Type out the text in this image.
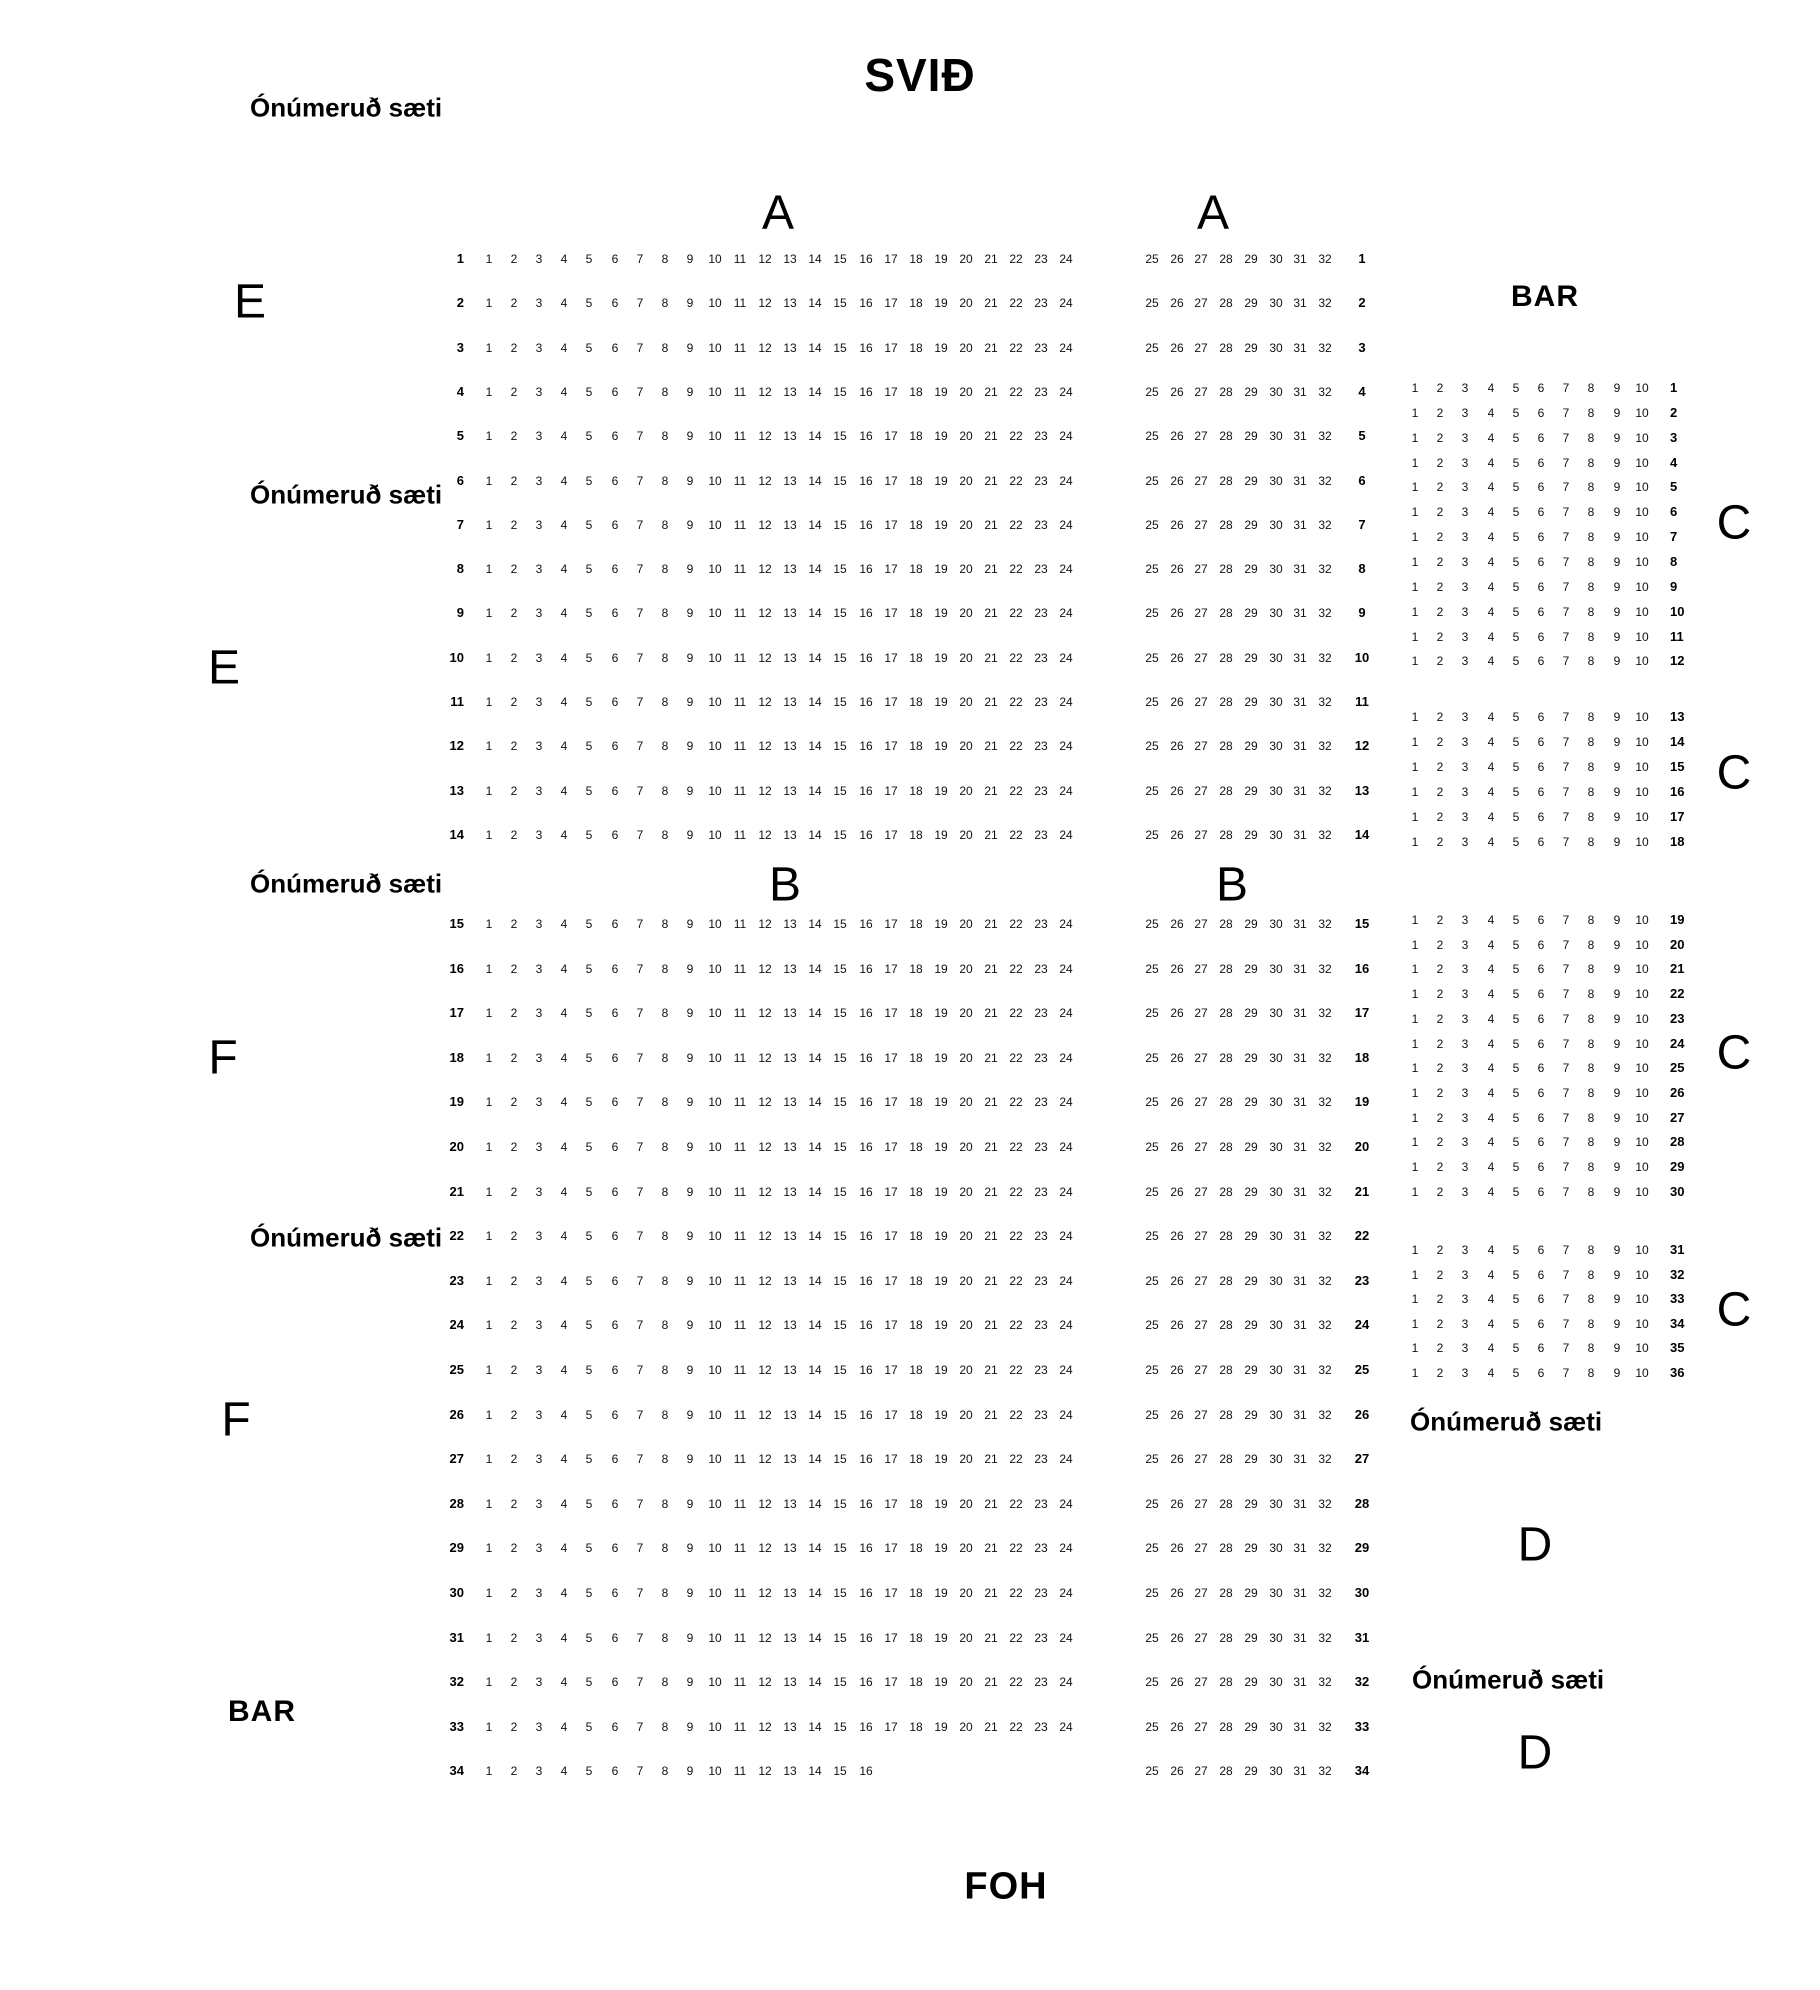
SVIÐ
FOH
BAR
BAR
A	A
B	B
C
C
C
C
D
D
E
E
F
F
Ónúmeruð sæti
Ónúmeruð sæti
Ónúmeruð sæti
Ónúmeruð sæti
Ónúmeruð sæti
Ónúmeruð sæti
1	1	2	3	4	5	6	7	8	9	10	11	12 13 14 15	16 17 18 19 20 21 22 23 24	25 26 27 28 29 30 31 32	1
2	1	2	3	4	5	6	7	8	9	10	11	12 13 14 15	16 17 18 19 20 21 22 23 24	25 26 27 28 29 30 31 32	2
3	1	2	3	4	5	6	7	8	9	10	11	12 13 14 15	16 17 18 19 20 21 22 23 24	25 26 27 28 29 30 31 32	3
4	1	2	3	4	5	6	7	8	9	10	11	12 13 14 15	16 17 18 19 20 21 22 23 24	25 26 27 28 29 30 31 32	4
5	1	2	3	4	5	6	7	8	9	10	11	12 13 14 15	16 17 18 19 20 21 22 23 24	25 26 27 28 29 30 31 32	5
6	1	2	3	4	5	6	7	8	9	10	11	12 13 14 15	16 17 18 19 20 21 22 23 24	25 26 27 28 29 30 31 32	6
7	1	2	3	4	5	6	7	8	9	10	11	12 13 14 15	16 17 18 19 20 21 22 23 24	25 26 27 28 29 30 31 32	7
8	1	2	3	4	5	6	7	8	9	10	11	12 13 14 15	16 17 18 19 20 21 22 23 24	25 26 27 28 29 30 31 32	8
9	1	2	3	4	5	6	7	8	9	10	11	12 13 14 15	16 17 18 19 20 21 22 23 24	25 26 27 28 29 30 31 32	9
10	1	2	3	4	5	6	7	8	9	10	11	12 13 14 15	16 17 18 19 20 21 22 23 24	25 26 27 28 29 30 31 32	10
11	1	2	3	4	5	6	7	8	9	10	11	12 13 14 15	16 17 18 19 20 21 22 23 24	25 26 27 28 29 30 31 32	11
12	1	2	3	4	5	6	7	8	9	10	11	12 13 14 15	16 17 18 19 20 21 22 23 24	25 26 27 28 29 30 31 32	12
13	1	2	3	4	5	6	7	8	9	10	11	12 13 14 15	16 17 18 19 20 21 22 23 24	25 26 27 28 29 30 31 32	13
14	1	2	3	4	5	6	7	8	9	10	11	12 13 14 15	16 17 18 19 20 21 22 23 24	25 26 27 28 29 30 31 32	14
15	1	2	3	4	5	6	7	8	9	10	11	12 13 14 15	16 17 18 19 20 21 22 23 24	25 26 27 28 29 30 31 32	15
16	1	2	3	4	5	6	7	8	9	10	11	12 13 14 15	16 17 18 19 20 21 22 23 24	25 26 27 28 29 30 31 32	16
17	1	2	3	4	5	6	7	8	9	10	11	12 13 14 15	16 17 18 19 20 21 22 23 24	25 26 27 28 29 30 31 32	17
18	1	2	3	4	5	6	7	8	9	10	11	12 13 14 15	16 17 18 19 20 21 22 23 24	25 26 27 28 29 30 31 32	18
19	1	2	3	4	5	6	7	8	9	10	11	12 13 14 15	16 17 18 19 20 21 22 23 24	25 26 27 28 29 30 31 32	19
20	1	2	3	4	5	6	7	8	9	10	11	12 13 14 15	16 17 18 19 20 21 22 23 24	25 26 27 28 29 30 31 32	20
21	1	2	3	4	5	6	7	8	9	10	11	12 13 14 15	16 17 18 19 20 21 22 23 24	25 26 27 28 29 30 31 32	21
22	1	2	3	4	5	6	7	8	9	10	11	12 13 14 15	16 17 18 19 20 21 22 23 24	25 26 27 28 29 30 31 32	22
23	1	2	3	4	5	6	7	8	9	10	11	12 13 14 15	16 17 18 19 20 21 22 23 24	25 26 27 28 29 30 31 32	23
24	1	2	3	4	5	6	7	8	9	10	11	12 13 14 15	16 17 18 19 20 21 22 23 24	25 26 27 28 29 30 31 32	24
25	1	2	3	4	5	6	7	8	9	10	11	12 13 14 15	16 17 18 19 20 21 22 23 24	25 26 27 28 29 30 31 32	25
26	1	2	3	4	5	6	7	8	9	10	11	12 13 14 15	16 17 18 19 20 21 22 23 24	25 26 27 28 29 30 31 32	26
27	1	2	3	4	5	6	7	8	9	10	11	12 13 14 15	16 17 18 19 20 21 22 23 24	25 26 27 28 29 30 31 32	27
28	1	2	3	4	5	6	7	8	9	10	11	12 13 14 15	16 17 18 19 20 21 22 23 24	25 26 27 28 29 30 31 32	28
29	1	2	3	4	5	6	7	8	9	10	11	12 13 14 15	16 17 18 19 20 21 22 23 24	25 26 27 28 29 30 31 32	29
30	1	2	3	4	5	6	7	8	9	10	11	12 13 14 15	16 17 18 19 20 21 22 23 24	25 26 27 28 29 30 31 32	30
31	1	2	3	4	5	6	7	8	9	10	11	12 13 14 15	16 17 18 19 20 21 22 23 24	25 26 27 28 29 30 31 32	31
32	1	2	3	4	5	6	7	8	9	10	11	12 13 14 15	16 17 18 19 20 21 22 23 24	25 26 27 28 29 30 31 32	32
33	1	2	3	4	5	6	7	8	9	10	11	12 13 14 15	16 17 18 19 20 21 22 23 24	25 26 27 28 29 30 31 32	33
34	1	2	3	4	5	6	7	8	9	10	11	12 13 14 15	16	25 26 27 28 29 30 31 32	34
1	2	3	4	5	6	7	8	9	10	1
1	2	3	4	5	6	7	8	9	10	2
1	2	3	4	5	6	7	8	9	10	3
1	2	3	4	5	6	7	8	9	10	4
1	2	3	4	5	6	7	8	9	10	5
1	2	3	4	5	6	7	8	9	10	6
1	2	3	4	5	6	7	8	9	10	7
1	2	3	4	5	6	7	8	9	10	8
1	2	3	4	5	6	7	8	9	10	9
1	2	3	4	5	6	7	8	9	10	10
1	2	3	4	5	6	7	8	9	10	11
1	2	3	4	5	6	7	8	9	10	12
1	2	3	4	5	6	7	8	9	10	13
1	2	3	4	5	6	7	8	9	10	14
1	2	3	4	5	6	7	8	9	10	15
1	2	3	4	5	6	7	8	9	10	16
1	2	3	4	5	6	7	8	9	10	17
1	2	3	4	5	6	7	8	9	10	18
1	2	3	4	5	6	7	8	9	10	19
1	2	3	4	5	6	7	8	9	10	20
1	2	3	4	5	6	7	8	9	10	21
1	2	3	4	5	6	7	8	9	10	22
1	2	3	4	5	6	7	8	9	10	23
1	2	3	4	5	6	7	8	9	10	24
1	2	3	4	5	6	7	8	9	10	25
1	2	3	4	5	6	7	8	9	10	26
1	2	3	4	5	6	7	8	9	10	27
1	2	3	4	5	6	7	8	9	10	28
1	2	3	4	5	6	7	8	9	10	29
1	2	3	4	5	6	7	8	9	10	30
1	2	3	4	5	6	7	8	9	10	31
1	2	3	4	5	6	7	8	9	10	32
1	2	3	4	5	6	7	8	9	10	33
1	2	3	4	5	6	7	8	9	10	34
1	2	3	4	5	6	7	8	9	10	35
1	2	3	4	5	6	7	8	9	10	36
